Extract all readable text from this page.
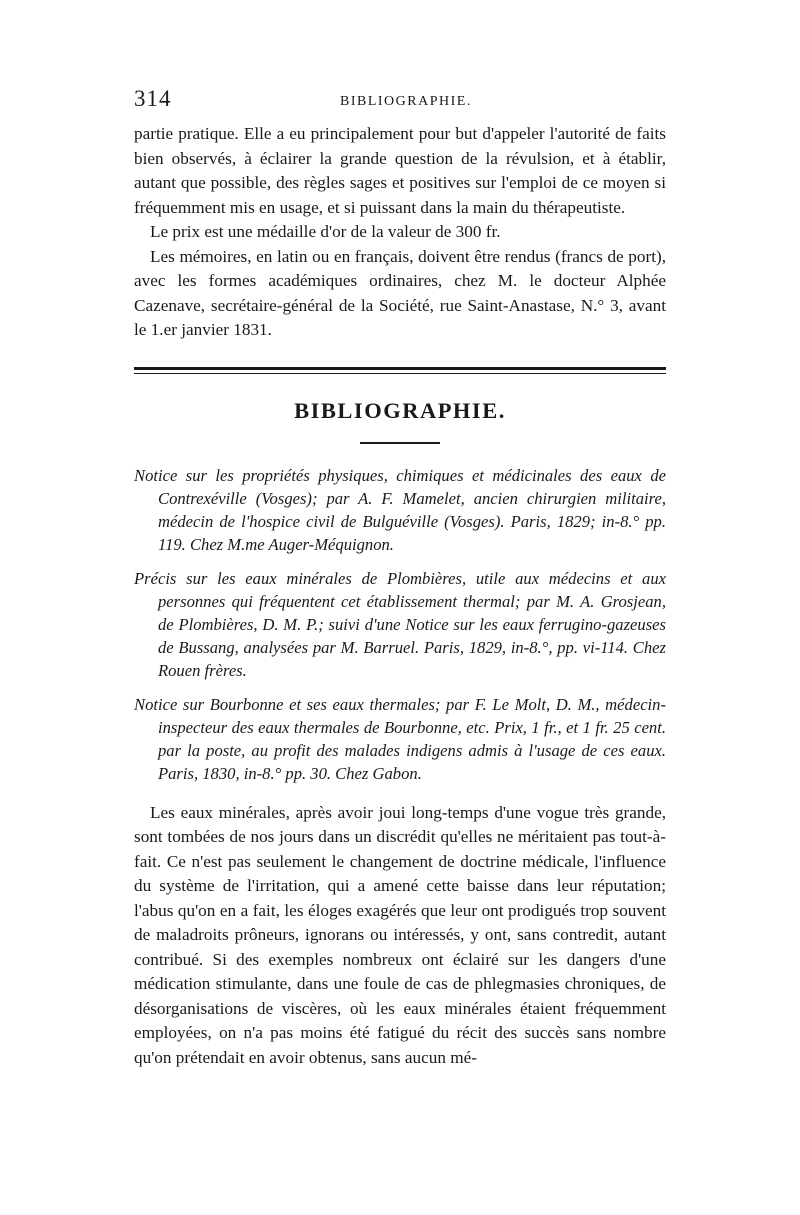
314	BIBLIOGRAPHIE.

partie pratique. Elle a eu principalement pour but d'appeler l'autorité de faits bien observés, à éclairer la grande question de la révulsion, et à établir, autant que possible, des règles sages et positives sur l'emploi de ce moyen si fréquemment mis en usage, et si puissant dans la main du thérapeutiste.

Le prix est une médaille d'or de la valeur de 300 fr.

Les mémoires, en latin ou en français, doivent être rendus (francs de port), avec les formes académiques ordinaires, chez M. le docteur Alphée Cazenave, secrétaire-général de la Société, rue Saint-Anastase, N.° 3, avant le 1.er janvier 1831.

BIBLIOGRAPHIE.

Notice sur les propriétés physiques, chimiques et médicinales des eaux de Contrexéville (Vosges); par A. F. Mamelet, ancien chirurgien militaire, médecin de l'hospice civil de Bulguéville (Vosges). Paris, 1829; in-8.° pp. 119. Chez M.me Auger-Méquignon.

Précis sur les eaux minérales de Plombières, utile aux médecins et aux personnes qui fréquentent cet établissement thermal; par M. A. Grosjean, de Plombières, D. M. P.; suivi d'une Notice sur les eaux ferrugino-gazeuses de Bussang, analysées par M. Barruel. Paris, 1829, in-8.°, pp. vi-114. Chez Rouen frères.

Notice sur Bourbonne et ses eaux thermales; par F. Le Molt, D. M., médecin-inspecteur des eaux thermales de Bourbonne, etc. Prix, 1 fr., et 1 fr. 25 cent. par la poste, au profit des malades indigens admis à l'usage de ces eaux. Paris, 1830, in-8.° pp. 30. Chez Gabon.

Les eaux minérales, après avoir joui long-temps d'une vogue très grande, sont tombées de nos jours dans un discrédit qu'elles ne méritaient pas tout-à-fait. Ce n'est pas seulement le changement de doctrine médicale, l'influence du système de l'irritation, qui a amené cette baisse dans leur réputation; l'abus qu'on en a fait, les éloges exagérés que leur ont prodigués trop souvent de maladroits prôneurs, ignorans ou intéressés, y ont, sans contredit, autant contribué. Si des exemples nombreux ont éclairé sur les dangers d'une médication stimulante, dans une foule de cas de phlegmasies chroniques, de désorganisations de viscères, où les eaux minérales étaient fréquemment employées, on n'a pas moins été fatigué du récit des succès sans nombre qu'on prétendait en avoir obtenus, sans aucun mé-
